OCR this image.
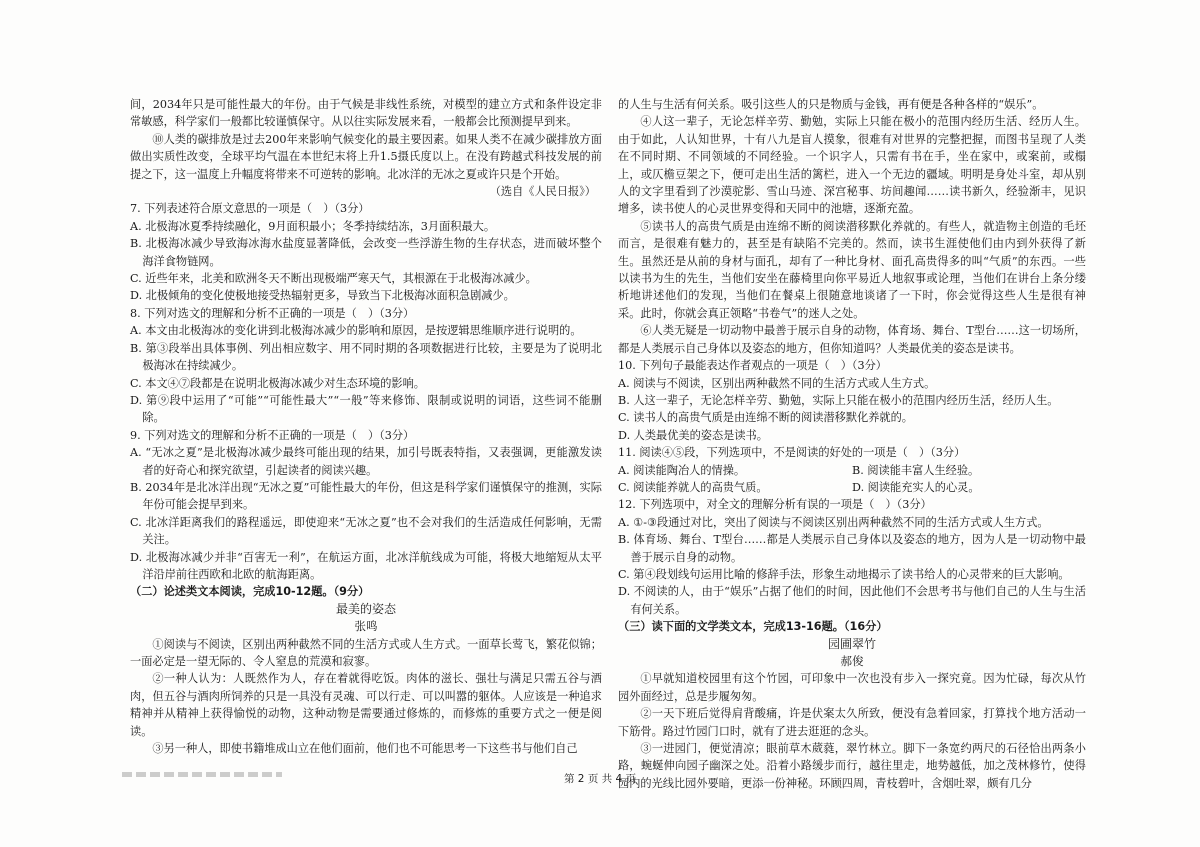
间，2034年只是可能性最大的年份。由于气候是非线性系统，对模型的建立方式和条件设定非常敏感，科学家们一般都比较谨慎保守。从以往实际发展来看，一般都会比预测提早到来。

⑩人类的碳排放是过去200年来影响气候变化的最主要因素。如果人类不在减少碳排放方面做出实质性改变，全球平均气温在本世纪末将上升1.5摄氏度以上。在没有跨越式科技发展的前提之下，这一温度上升幅度将带来不可逆转的影响。北冰洋的无冰之夏或许只是个开始。

（选自《人民日报》）

7. 下列表述符合原文意思的一项是（　）（3分）

A. 北极海冰夏季持续融化，9月面积最小；冬季持续结冻，3月面积最大。

B. 北极海冰减少导致海冰海水盐度显著降低，会改变一些浮游生物的生存状态，进而破坏整个海洋食物链网。

C. 近些年来，北美和欧洲冬天不断出现极端严寒天气，其根源在于北极海冰减少。

D. 北极倾角的变化使极地接受热辐射更多，导致当下北极海冰面积急剧减少。

8. 下列对选文的理解和分析不正确的一项是（　）（3分）

A. 本文由北极海冰的变化讲到北极海冰减少的影响和原因，是按逻辑思维顺序进行说明的。

B. 第③段举出具体事例、列出相应数字、用不同时期的各项数据进行比较，主要是为了说明北极海冰在持续减少。

C. 本文④⑦段都是在说明北极海冰减少对生态环境的影响。

D. 第⑨段中运用了“可能”“可能性最大”“一般”等来修饰、限制或说明的词语，这些词不能删除。

9. 下列对选文的理解和分析不正确的一项是（　）（3分）

A. “无冰之夏”是北极海冰减少最终可能出现的结果，加引号既表特指，又表强调，更能激发读者的好奇心和探究欲望，引起读者的阅读兴趣。

B. 2034年是北冰洋出现“无冰之夏”可能性最大的年份，但这是科学家们谨慎保守的推测，实际年份可能会提早到来。

C. 北冰洋距离我们的路程遥远，即使迎来“无冰之夏”也不会对我们的生活造成任何影响，无需关注。

D. 北极海冰减少并非“百害无一利”，在航运方面，北冰洋航线成为可能，将极大地缩短从太平洋沿岸前往西欧和北欧的航海距离。

（二）论述类文本阅读，完成10-12题。（9分）

最美的姿态

张鸣

①阅读与不阅读，区别出两种截然不同的生活方式或人生方式。一面草长莺飞，繁花似锦；一面必定是一望无际的、令人窒息的荒漠和寂寥。

②一种人认为：人既然作为人，存在着就得吃饭。肉体的滋长、强壮与满足只需五谷与酒肉，但五谷与酒肉所饲养的只是一具没有灵魂、可以行走、可以叫嚣的躯体。人应该是一种追求精神并从精神上获得愉悦的动物，这种动物是需要通过修炼的，而修炼的重要方式之一便是阅读。

③另一种人，即使书籍堆成山立在他们面前，他们也不可能思考一下这些书与他们自己

的人生与生活有何关系。吸引这些人的只是物质与金钱，再有便是各种各样的“娱乐”。

④人这一辈子，无论怎样辛劳、勤勉，实际上只能在极小的范围内经历生活、经历人生。由于如此，人认知世界，十有八九是盲人摸象，很难有对世界的完整把握，而图书呈现了人类在不同时期、不同领域的不同经验。一个识字人，只需有书在手，坐在家中，或案前，或榻上，或仄檐豆架之下，便可走出生活的篱栏，进入一个无边的疆域。明明是身处斗室，却从别人的文字里看到了沙漠驼影、雪山马迹、深宫秘事、坊间趣闻……读书新久，经验渐丰，见识增多，读书使人的心灵世界变得和天同中的池塘，逐渐充盈。

⑤读书人的高贵气质是由连绵不断的阅读潜移默化养就的。有些人，就造物主创造的毛坯而言，是很难有魅力的，甚至是有缺陷不完美的。然而，读书生涯使他们由内到外获得了新生。虽然还是从前的身材与面孔，却有了一种比身材、面孔高贵得多的叫“气质”的东西。一些以读书为生的先生，当他们安坐在藤椅里向你平易近人地叙事或论理，当他们在讲台上条分缕析地讲述他们的发现，当他们在餐桌上很随意地谈诸了一下时，你会觉得这些人生是很有神采。此时，你就会真正领略“书卷气”的迷人之处。

⑥人类无疑是一切动物中最善于展示自身的动物，体育场、舞台、T型台……这一切场所，都是人类展示自己身体以及姿态的地方，但你知道吗？人类最优美的姿态是读书。

10. 下列句子最能表达作者观点的一项是（　）（3分）

A. 阅读与不阅读，区别出两种截然不同的生活方式或人生方式。

B. 人这一辈子，无论怎样辛劳、勤勉，实际上只能在极小的范围内经历生活，经历人生。

C. 读书人的高贵气质是由连绵不断的阅读潜移默化养就的。

D. 人类最优美的姿态是读书。

11. 阅读④⑤段，下列选项中，不是阅读的好处的一项是（　）（3分）

A. 阅读能陶冶人的情操。	B. 阅读能丰富人生经验。
C. 阅读能养就人的高贵气质。	D. 阅读能充实人的心灵。

12. 下列选项中，对全文的理解分析有误的一项是（　）（3分）

A. ①-③段通过对比，突出了阅读与不阅读区别出两种截然不同的生活方式或人生方式。

B. 体育场、舞台、T型台……都是人类展示自己身体以及姿态的地方，因为人是一切动物中最善于展示自身的动物。

C. 第④段划线句运用比喻的修辞手法，形象生动地揭示了读书给人的心灵带来的巨大影响。

D. 不阅读的人，由于“娱乐”占据了他们的时间，因此他们不会思考书与他们自己的人生与生活有何关系。

（三）读下面的文学类文本，完成13-16题。（16分）

园圃翠竹

郝俊

①早就知道校园里有这个竹园，可印象中一次也没有步入一探究竟。因为忙碌，每次从竹园外面经过，总是步履匆匆。

②一天下班后觉得肩背酸痛，许是伏案太久所致，便没有急着回家，打算找个地方活动一下筋骨。路过竹园门口时，就有了进去逛逛的念头。

③一进园门，便觉清凉；眼前草木葳蕤，翠竹林立。脚下一条宽约两尺的石径恰出两条小路，蜿蜒伸向园子幽深之处。沿着小路缓步而行，越往里走，地势越低，加之茂林修竹，使得园内的光线比园外要暗，更添一份神秘。环顾四周，青枝碧叶，含烟吐翠，颇有几分

第 2 页 共 4 页
